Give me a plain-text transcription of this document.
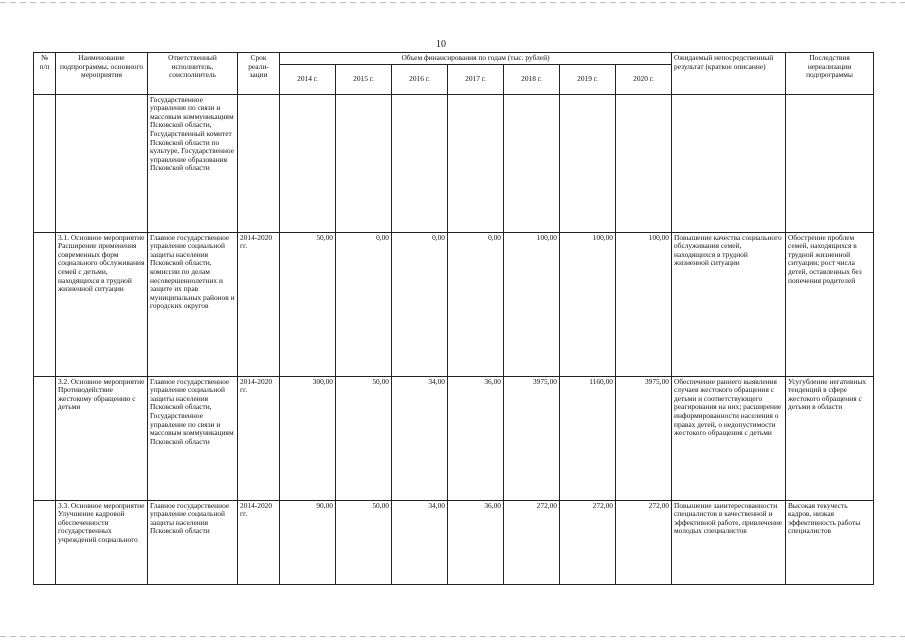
10
№
п/п	Наименование подпрограммы, основного мероприятия	Ответственный исполнитель, соисполнитель	Срок реали-зации	Объем финансирования по годам (тыс. рублей)							Ожидаемый непосредственный результат (краткое описание)	Последствия нереализации подпрограммы
				2014 г.	2015 г.	2016 г.	2017 г.	2018 г.	2019 г.	2020 г.		
		Государственное управление по связи и массовым коммуникациям Псковской области, Государственный комитет Псковской области по культуре, Государственное управление образования Псковской области										
	3.1. Основное мероприятие Расширение применения современных форм социального обслуживания семей с детьми, находящихся в трудной жизненной ситуации	Главное государственное управление социальной защиты населения Псковской области, комиссии по делам несовершеннолетних и защите их прав муниципальных районов и городских округов	2014-2020 гг.	50,00	0,00	0,00	0,00	100,00	100,00	100,00	Повышение качества социального обслуживания семей, находящихся в трудной жизненной ситуации	Обострение проблем семей, находящихся в трудной жизненной ситуации; рост числа детей, оставленных без попечения родителей
	3.2. Основное мероприятие Противодействие жестокому обращению с детьми	Главное государственное управление социальной защиты населения Псковской области, Государственное управление по связи и массовым коммуникациям Псковской области	2014-2020 гг.	300,00	50,00	34,00	36,00	3975,00	1160,00	3975,00	Обеспечение раннего выявления случаев жестокого обращения с детьми и соответствующего реагирования на них; расширение информированности населения о правах детей, о недопустимости жестокого обращения с детьми	Усугубление негативных тенденций в сфере жестокого обращения с детьми в области
	3.3. Основное мероприятие Улучшение кадровой обеспеченности государственных учреждений социального	Главное государственное управление социальной защиты населения Псковской области	2014-2020 гг.	90,00	50,00	34,00	36,00	272,00	272,00	272,00	Повышение заинтересованности специалистов в качественной и эффективной работе, привлечение молодых специалистов	Высокая текучесть кадров, низкая эффективность работы специалистов
